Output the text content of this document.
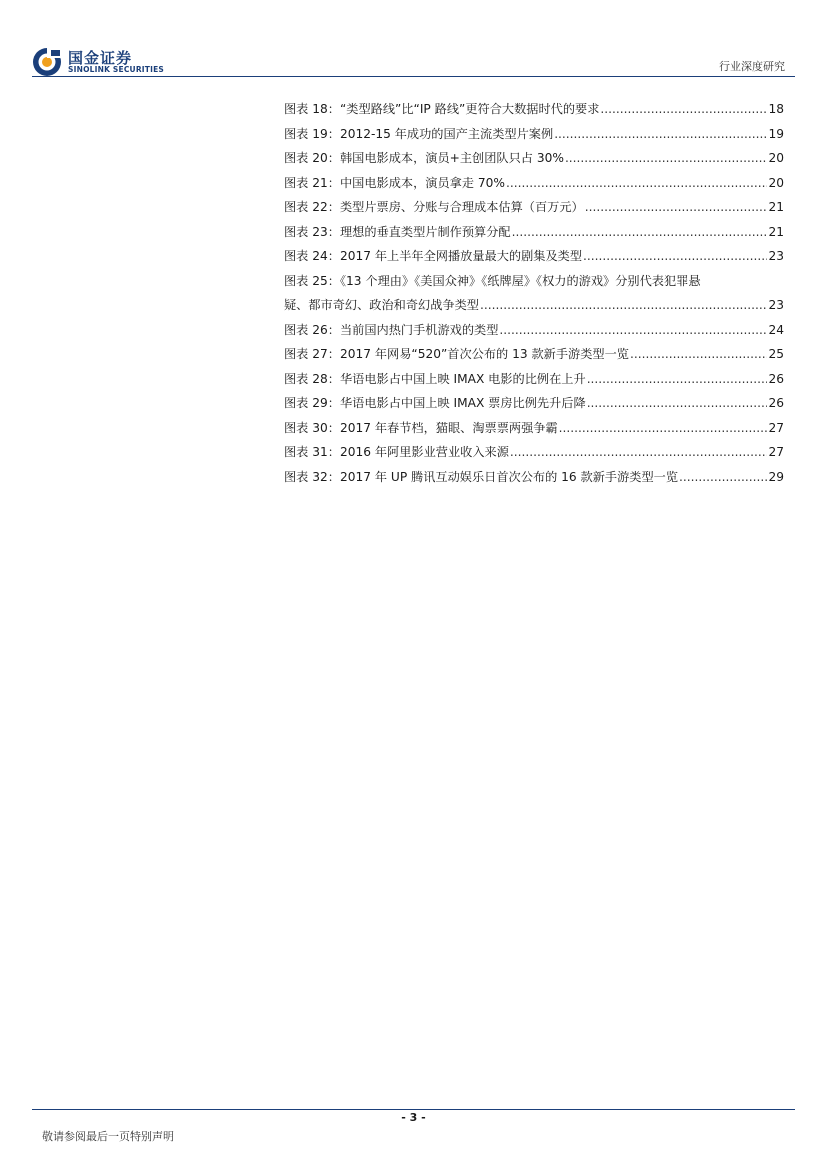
国金证券
SINOLINK SECURITIES	行业深度研究
图表 18：“类型路线”比“IP 路线”更符合大数据时代的要求 .....	18
图表 19：2012-15 年成功的国产主流类型片案例 .....	19
图表 20：韩国电影成本，演员+主创团队只占 30% .....	20
图表 21：中国电影成本，演员拿走 70% .....	20
图表 22：类型片票房、分账与合理成本估算（百万元） .....	21
图表 23：理想的垂直类型片制作预算分配 .....	21
图表 24：2017 年上半年全网播放量最大的剧集及类型 .....	23
图表 25：《13 个理由》《美国众神》《纸牌屋》《权力的游戏》分别代表犯罪悬
疑、都市奇幻、政治和奇幻战争类型 .....	23
图表 26：当前国内热门手机游戏的类型 .....	24
图表 27：2017 年网易“520”首次公布的 13 款新手游类型一览 .....	25
图表 28：华语电影占中国上映 IMAX 电影的比例在上升 .....	26
图表 29：华语电影占中国上映 IMAX 票房比例先升后降 .....	26
图表 30：2017 年春节档，猫眼、淘票票两强争霸 .....	27
图表 31：2016 年阿里影业营业收入来源 .....	27
图表 32：2017 年 UP 腾讯互动娱乐日首次公布的 16 款新手游类型一览 .....	29
- 3 -
敬请参阅最后一页特别声明
